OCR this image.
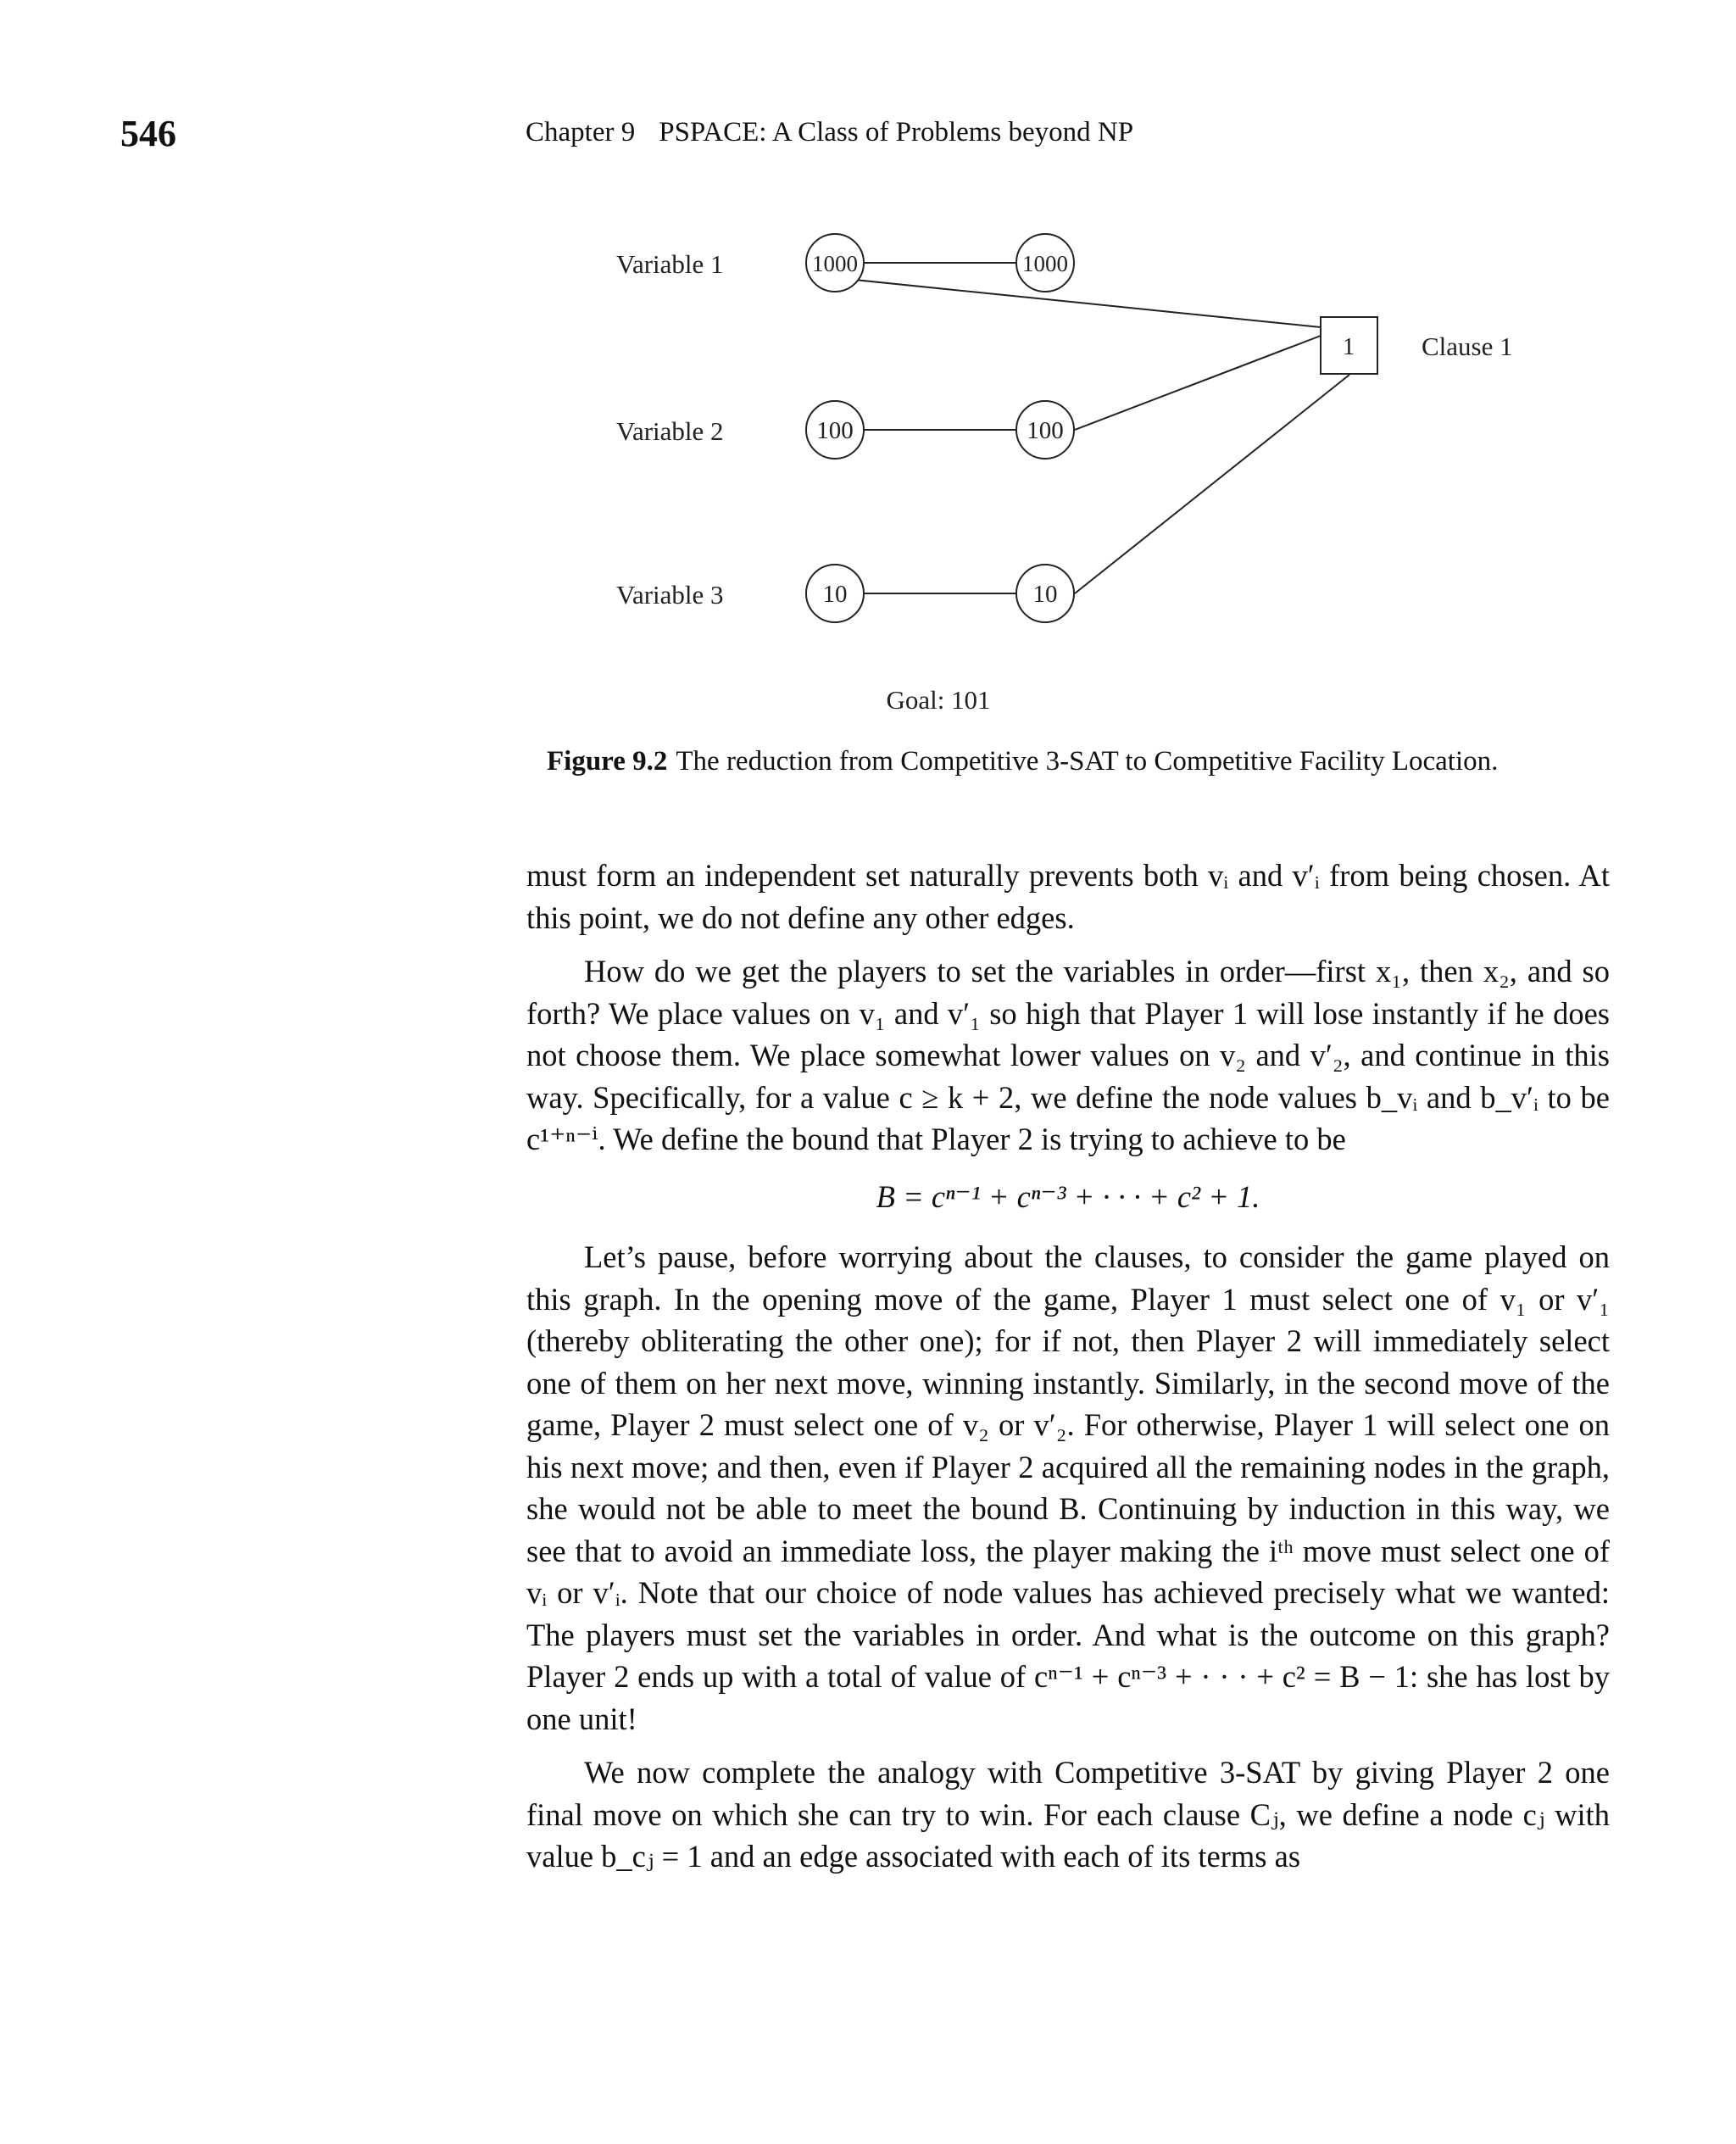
546	Chapter 9 PSPACE: A Class of Problems beyond NP
Variable 1
Variable 2
Variable 3
Clause 1
1000	1000
100	100
10	10
1
Goal: 101
Figure 9.2 The reduction from Competitive 3-SAT to Competitive Facility Location.

must form an independent set naturally prevents both vᵢ and v′ᵢ from being chosen. At this point, we do not define any other edges.

How do we get the players to set the variables in order—first x₁, then x₂, and so forth? We place values on v₁ and v′₁ so high that Player 1 will lose instantly if he does not choose them. We place somewhat lower values on v₂ and v′₂, and continue in this way. Specifically, for a value c ≥ k + 2, we define the node values b_vᵢ and b_v′ᵢ to be c¹⁺ⁿ⁻ⁱ. We define the bound that Player 2 is trying to achieve to be

B = cⁿ⁻¹ + cⁿ⁻³ + · · · + c² + 1.

Let’s pause, before worrying about the clauses, to consider the game played on this graph. In the opening move of the game, Player 1 must select one of v₁ or v′₁ (thereby obliterating the other one); for if not, then Player 2 will immediately select one of them on her next move, winning instantly. Similarly, in the second move of the game, Player 2 must select one of v₂ or v′₂. For otherwise, Player 1 will select one on his next move; and then, even if Player 2 acquired all the remaining nodes in the graph, she would not be able to meet the bound B. Continuing by induction in this way, we see that to avoid an immediate loss, the player making the iᵗʰ move must select one of vᵢ or v′ᵢ. Note that our choice of node values has achieved precisely what we wanted: The players must set the variables in order. And what is the outcome on this graph? Player 2 ends up with a total of value of cⁿ⁻¹ + cⁿ⁻³ + · · · + c² = B − 1: she has lost by one unit!

We now complete the analogy with Competitive 3-SAT by giving Player 2 one final move on which she can try to win. For each clause Cⱼ, we define a node cⱼ with value b_cⱼ = 1 and an edge associated with each of its terms as
